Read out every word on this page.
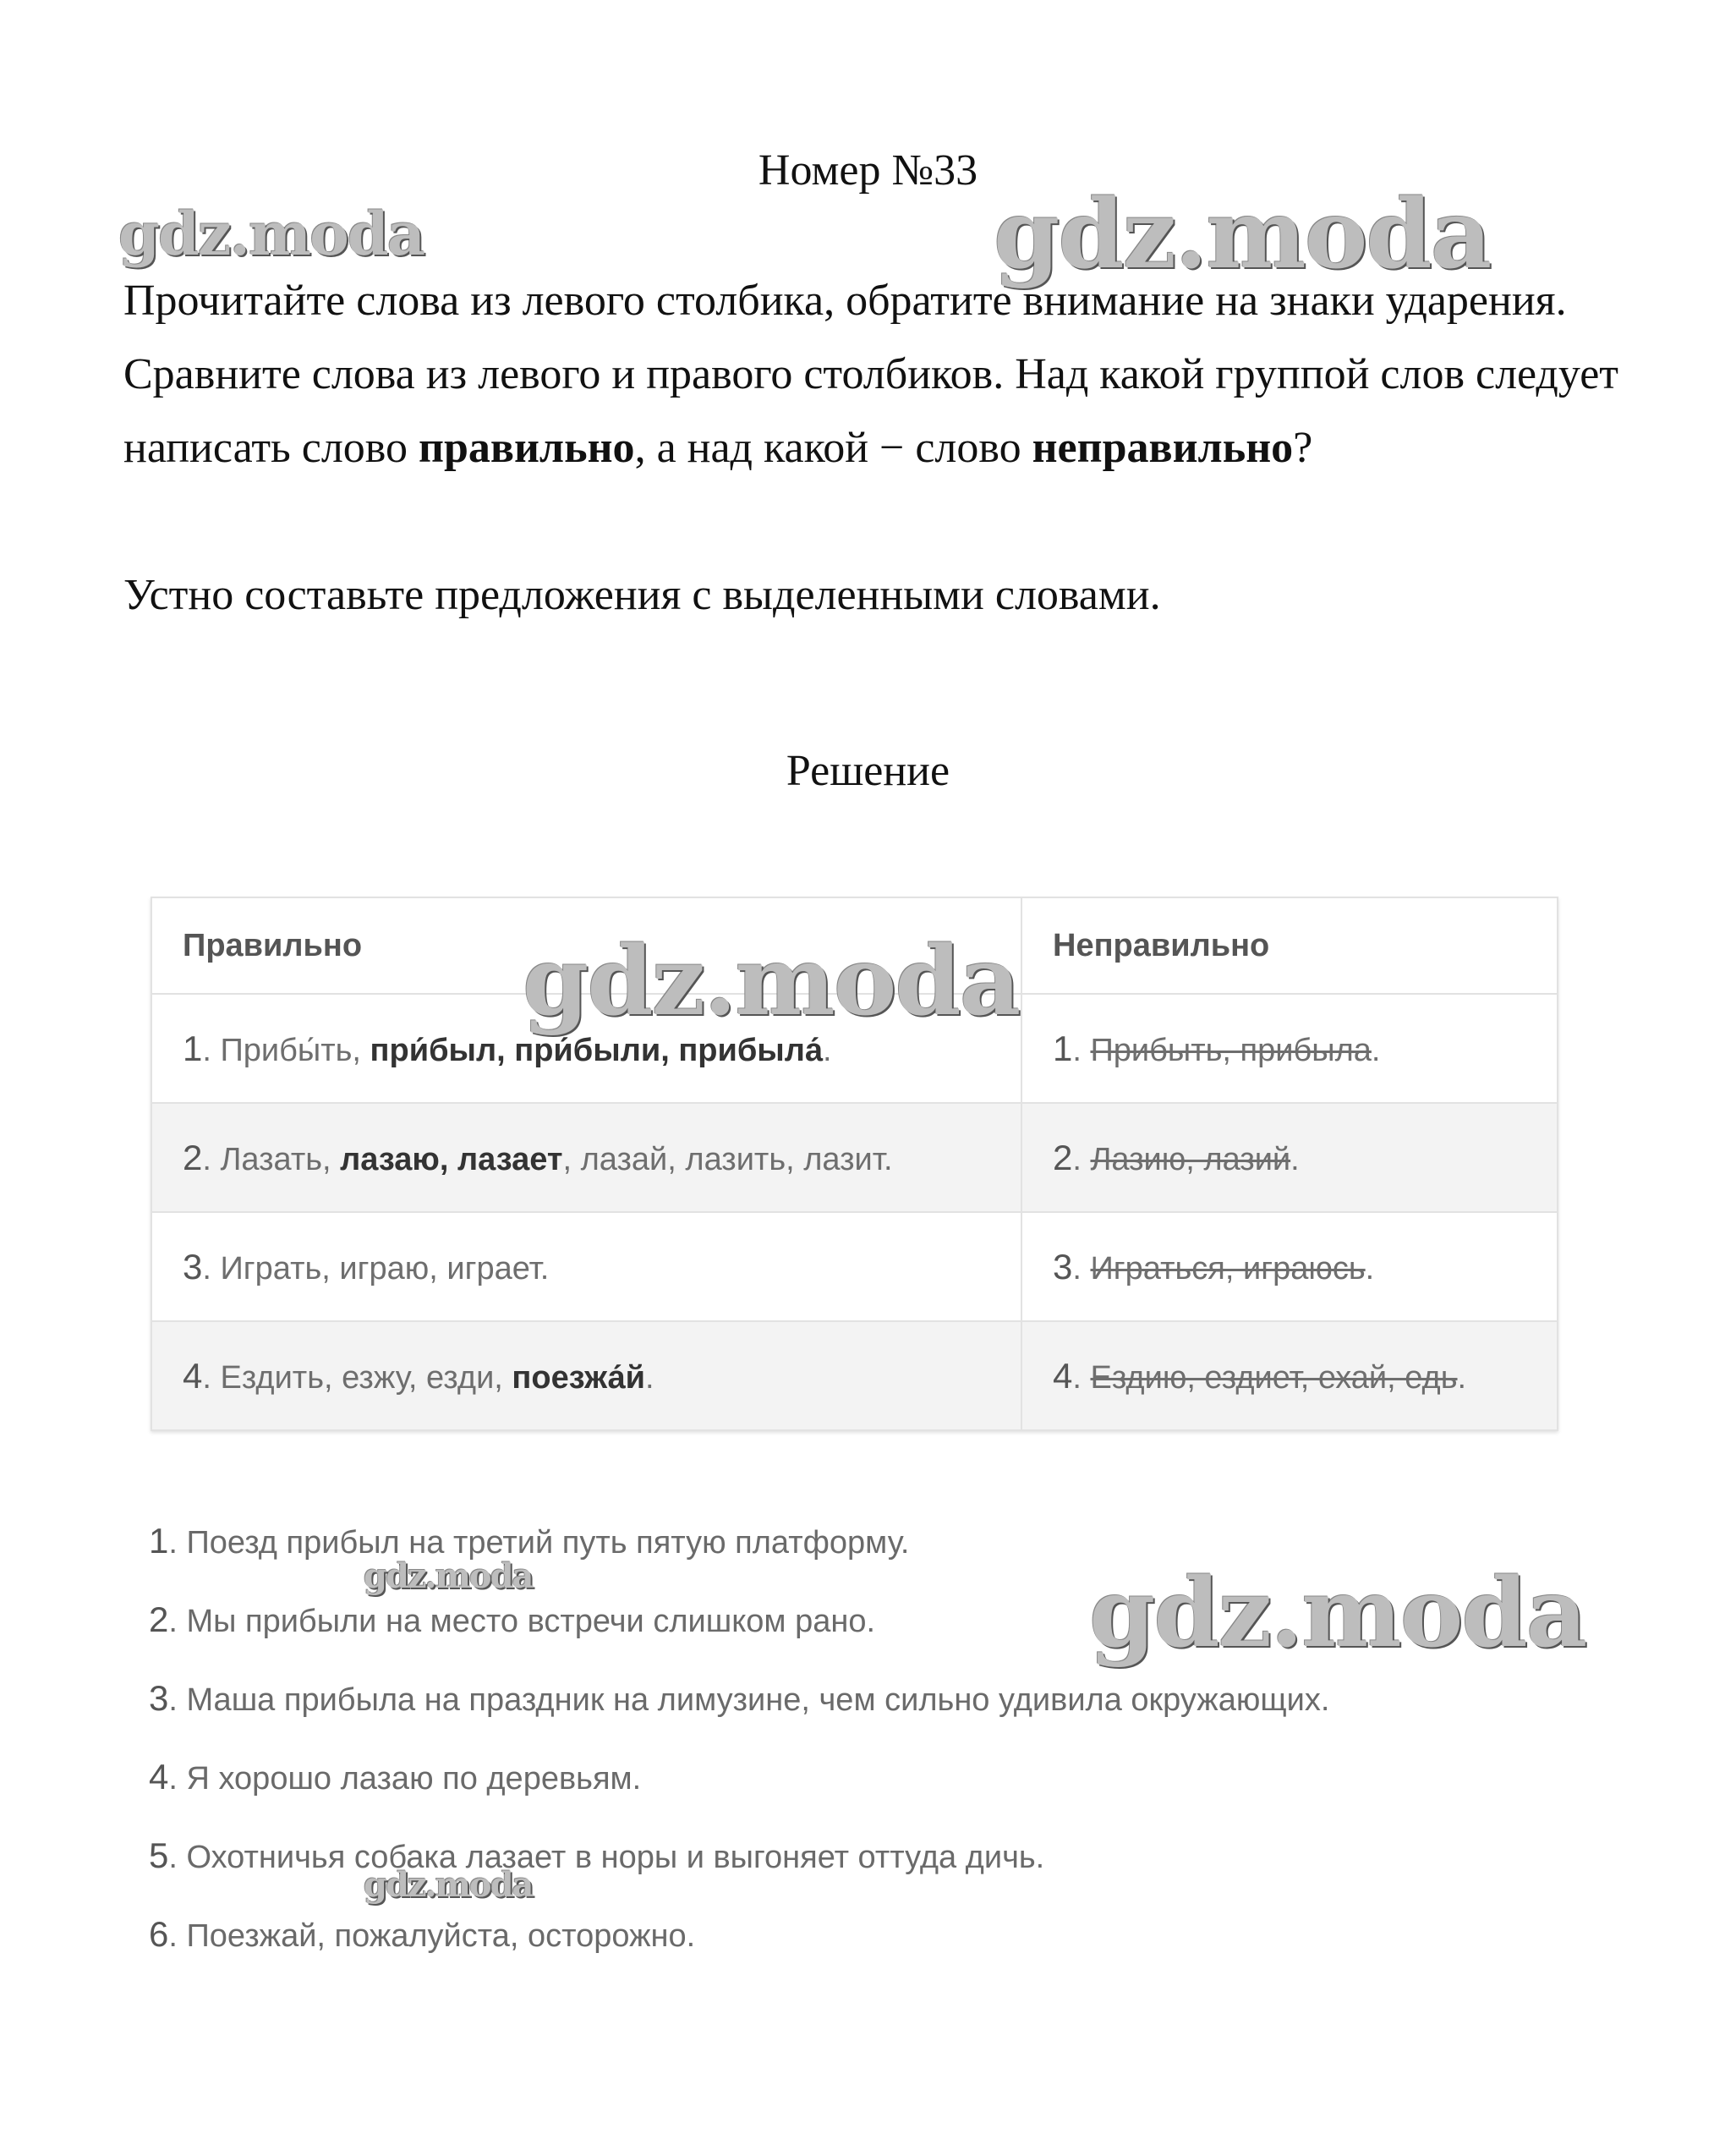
Номер №33

Прочитайте слова из левого столбика, обратите внимание на знаки ударения. Сравните слова из левого и правого столбиков. Над какой группой слов следует написать слово правильно, а над какой − слово неправильно?

Устно составьте предложения с выделенными словами.

Решение
Правильно	Неправильно
1. Прибы́ть, при́был, при́были, прибыла́.	1. Прибыть, прибыла.
2. Лазать, лазаю, лазает, лазай, лазить, лазит.	2. Лазию, лазий.
3. Играть, играю, играет.	3. Играться, играюсь.
4. Ездить, езжу, езди, поезжа́й.	4. Ездию, ездиет, ехай, едь.
1. Поезд прибыл на третий путь пятую платформу.
2. Мы прибыли на место встречи слишком рано.
3. Маша прибыла на праздник на лимузине, чем сильно удивила окружающих.
4. Я хорошо лазаю по деревьям.
5. Охотничья собака лазает в норы и выгоняет оттуда дичь.
6. Поезжай, пожалуйста, осторожно.
gdz.moda	gdz.moda
gdz.moda
gdz.moda	gdz.moda
gdz.moda
